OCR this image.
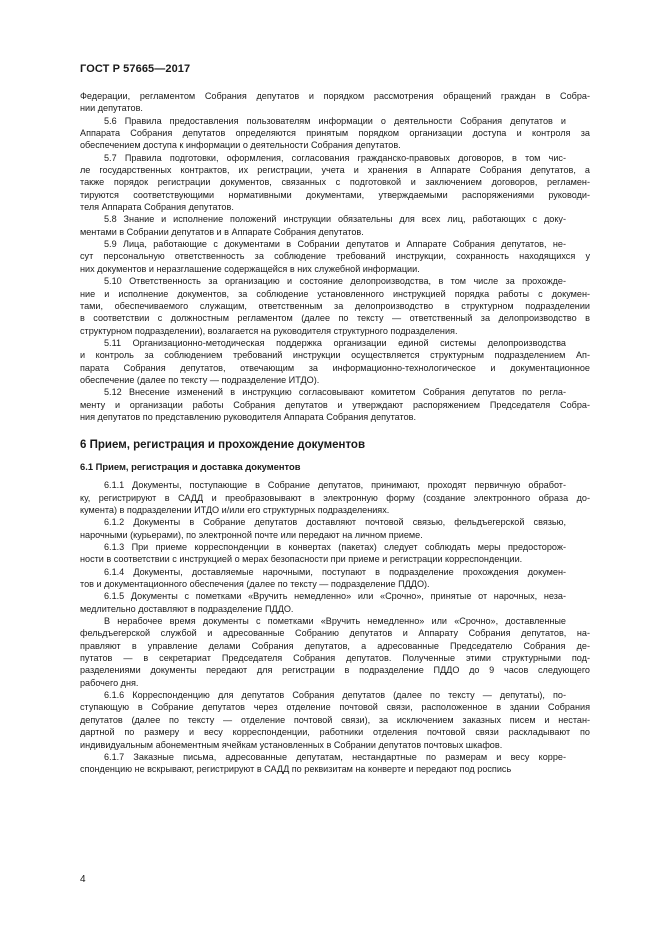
ГОСТ Р 57665—2017

Федерации, регламентом Собрания депутатов и порядком рассмотрения обращений граждан в Собра-
нии депутатов.

5.6 Правила предоставления пользователям информации о деятельности Собрания депутатов и
Аппарата Собрания депутатов определяются принятым порядком организации доступа и контроля за
обеспечением доступа к информации о деятельности Собрания депутатов.

5.7 Правила подготовки, оформления, согласования гражданско-правовых договоров, в том чис-
ле государственных контрактов, их регистрации, учета и хранения в Аппарате Собрания депутатов, а
также порядок регистрации документов, связанных с подготовкой и заключением договоров, регламен-
тируются соответствующими нормативными документами, утверждаемыми распоряжениями руководи-
теля Аппарата Собрания депутатов.

5.8 Знание и исполнение положений инструкции обязательны для всех лиц, работающих с доку-
ментами в Собрании депутатов и в Аппарате Собрания депутатов.

5.9 Лица, работающие с документами в Собрании депутатов и Аппарате Собрания депутатов, не-
сут персональную ответственность за соблюдение требований инструкции, сохранность находящихся у
них документов и неразглашение содержащейся в них служебной информации.

5.10 Ответственность за организацию и состояние делопроизводства, в том числе за прохожде-
ние и исполнение документов, за соблюдение установленного инструкцией порядка работы с докумен-
тами, обеспечиваемого служащим, ответственным за делопроизводство в структурном подразделении
в соответствии с должностным регламентом (далее по тексту — ответственный за делопроизводство в
структурном подразделении), возлагается на руководителя структурного подразделения.

5.11 Организационно-методическая поддержка организации единой системы делопроизводства
и контроль за соблюдением требований инструкции осуществляется структурным подразделением Ап-
парата Собрания депутатов, отвечающим за информационно-технологическое и документационное
обеспечение (далее по тексту — подразделение ИТДО).

5.12 Внесение изменений в инструкцию согласовывают комитетом Собрания депутатов по регла-
менту и организации работы Собрания депутатов и утверждают распоряжением Председателя Собра-
ния депутатов по представлению руководителя Аппарата Собрания депутатов.

6 Прием, регистрация и прохождение документов
6.1 Прием, регистрация и доставка документов

6.1.1 Документы, поступающие в Собрание депутатов, принимают, проходят первичную обработ-
ку, регистрируют в САДД и преобразовывают в электронную форму (создание электронного образа до-
кумента) в подразделении ИТДО и/или его структурных подразделениях.

6.1.2 Документы в Собрание депутатов доставляют почтовой связью, фельдъегерской связью,
нарочными (курьерами), по электронной почте или передают на личном приеме.

6.1.3 При приеме корреспонденции в конвертах (пакетах) следует соблюдать меры предосторож-
ности в соответствии с инструкцией о мерах безопасности при приеме и регистрации корреспонденции.

6.1.4 Документы, доставляемые нарочными, поступают в подразделение прохождения докумен-
тов и документационного обеспечения (далее по тексту — подразделение ПДДО).

6.1.5 Документы с пометками «Вручить немедленно» или «Срочно», принятые от нарочных, неза-
медлительно доставляют в подразделение ПДДО.

В нерабочее время документы с пометками «Вручить немедленно» или «Срочно», доставленные
фельдъегерской службой и адресованные Собранию депутатов и Аппарату Собрания депутатов, на-
правляют в управление делами Собрания депутатов, а адресованные Председателю Собрания де-
путатов — в секретариат Председателя Собрания депутатов. Полученные этими структурными под-
разделениями документы передают для регистрации в подразделение ПДДО до 9 часов следующего
рабочего дня.

6.1.6 Корреспонденцию для депутатов Собрания депутатов (далее по тексту — депутаты), по-
ступающую в Собрание депутатов через отделение почтовой связи, расположенное в здании Собрания
депутатов (далее по тексту — отделение почтовой связи), за исключением заказных писем и нестан-
дартной по размеру и весу корреспонденции, работники отделения почтовой связи раскладывают по
индивидуальным абонементным ячейкам установленных в Собрании депутатов почтовых шкафов.

6.1.7 Заказные письма, адресованные депутатам, нестандартные по размерам и весу корре-
спонденцию не вскрывают, регистрируют в САДД по реквизитам на конверте и передают под роспись

4
